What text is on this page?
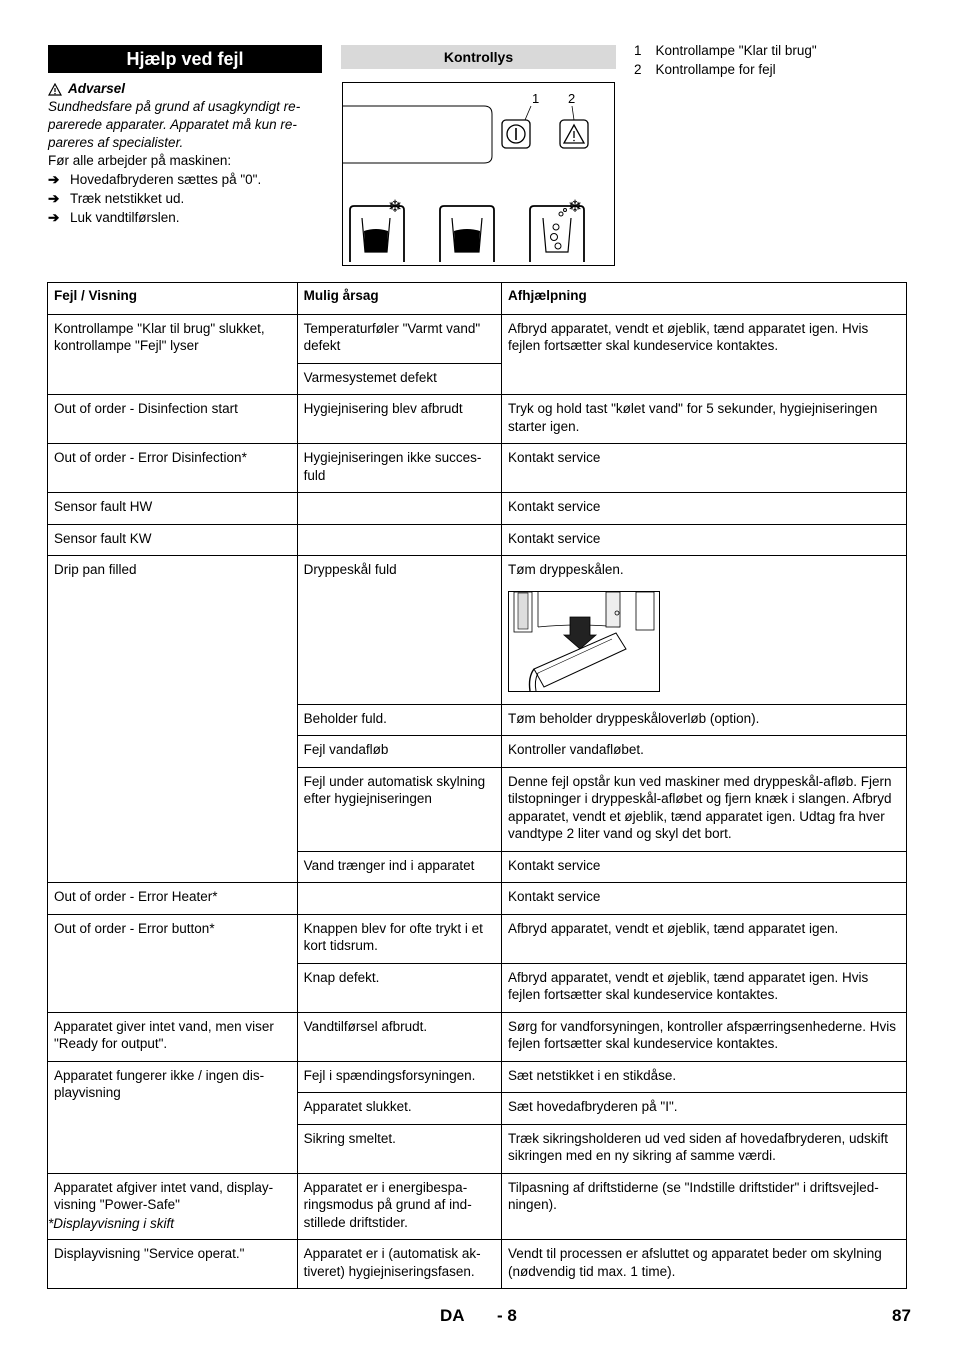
Hjælp ved fejl
Advarsel
Sundhedsfare på grund af usagkyndigt reparerede apparater. Apparatet må kun repareres af specialister.
Før alle arbejder på maskinen:
➔ Hovedafbryderen sættes på "0".
➔ Træk netstikket ud.
➔ Luk vandtilførslen.
Kontrollys
1 2
❄	❄
1 Kontrollampe "Klar til brug"
2 Kontrollampe for fejl
Fejl / Visning	Mulig årsag	Afhjælpning
Kontrollampe "Klar til brug" slukket, kontrollampe "Fejl" lyser	Temperaturføler "Varmt vand" defekt	Afbryd apparatet, vendt et øjeblik, tænd apparatet igen. Hvis fejlen fortsætter skal kundeservice kontaktes.
	Varmesystemet defekt	
Out of order - Disinfection start	Hygiejnisering blev afbrudt	Tryk og hold tast "kølet vand" for 5 sekunder, hygiejniseringen starter igen.
Out of order - Error Disinfection*	Hygiejniseringen ikke succesfuld	Kontakt service
Sensor fault HW		Kontakt service
Sensor fault KW		Kontakt service
Drip pan filled	Dryppeskål fuld	Tøm dryppeskålen.

	Beholder fuld.	Tøm beholder dryppeskåloverløb (option).
	Fejl vandafløb	Kontroller vandafløbet.
	Fejl under automatisk skylning efter hygiejniseringen	Denne fejl opstår kun ved maskiner med dryppeskål-afløb. Fjern tilstopninger i dryppeskål-afløbet og fjern knæk i slangen. Afbryd apparatet, vendt et øjeblik, tænd apparatet igen. Udtag fra hver vandtype 2 liter vand og skyl det bort.
	Vand trænger ind i apparatet	Kontakt service
Out of order - Error Heater*		Kontakt service
Out of order - Error button*	Knappen blev for ofte trykt i et kort tidsrum.	Afbryd apparatet, vendt et øjeblik, tænd apparatet igen.
	Knap defekt.	Afbryd apparatet, vendt et øjeblik, tænd apparatet igen. Hvis fejlen fortsætter skal kundeservice kontaktes.
Apparatet giver intet vand, men viser "Ready for output".	Vandtilførsel afbrudt.	Sørg for vandforsyningen, kontroller afspærringsenhederne. Hvis fejlen fortsætter skal kundeservice kontaktes.
Apparatet fungerer ikke / ingen displayvisning	Fejl i spændingsforsyningen.	Sæt netstikket i en stikdåse.
	Apparatet slukket.	Sæt hovedafbryderen på "I".
	Sikring smeltet.	Træk sikringsholderen ud ved siden af hovedafbryderen, udskift sikringen med en ny sikring af samme værdi.
Apparatet afgiver intet vand, displayvisning "Power-Safe"	Apparatet er i energibesparingsmodus på grund af indstillede driftstider.	Tilpasning af driftstiderne (se "Indstille driftstider" i driftsvejledningen).
Displayvisning "Service operat."	Apparatet er i (automatisk aktiveret) hygiejniseringsfasen.	Vendt til processen er afsluttet og apparatet beder om skylning (nødvendig tid max. 1 time).
*Displayvisning i skift
DA - 8	87
